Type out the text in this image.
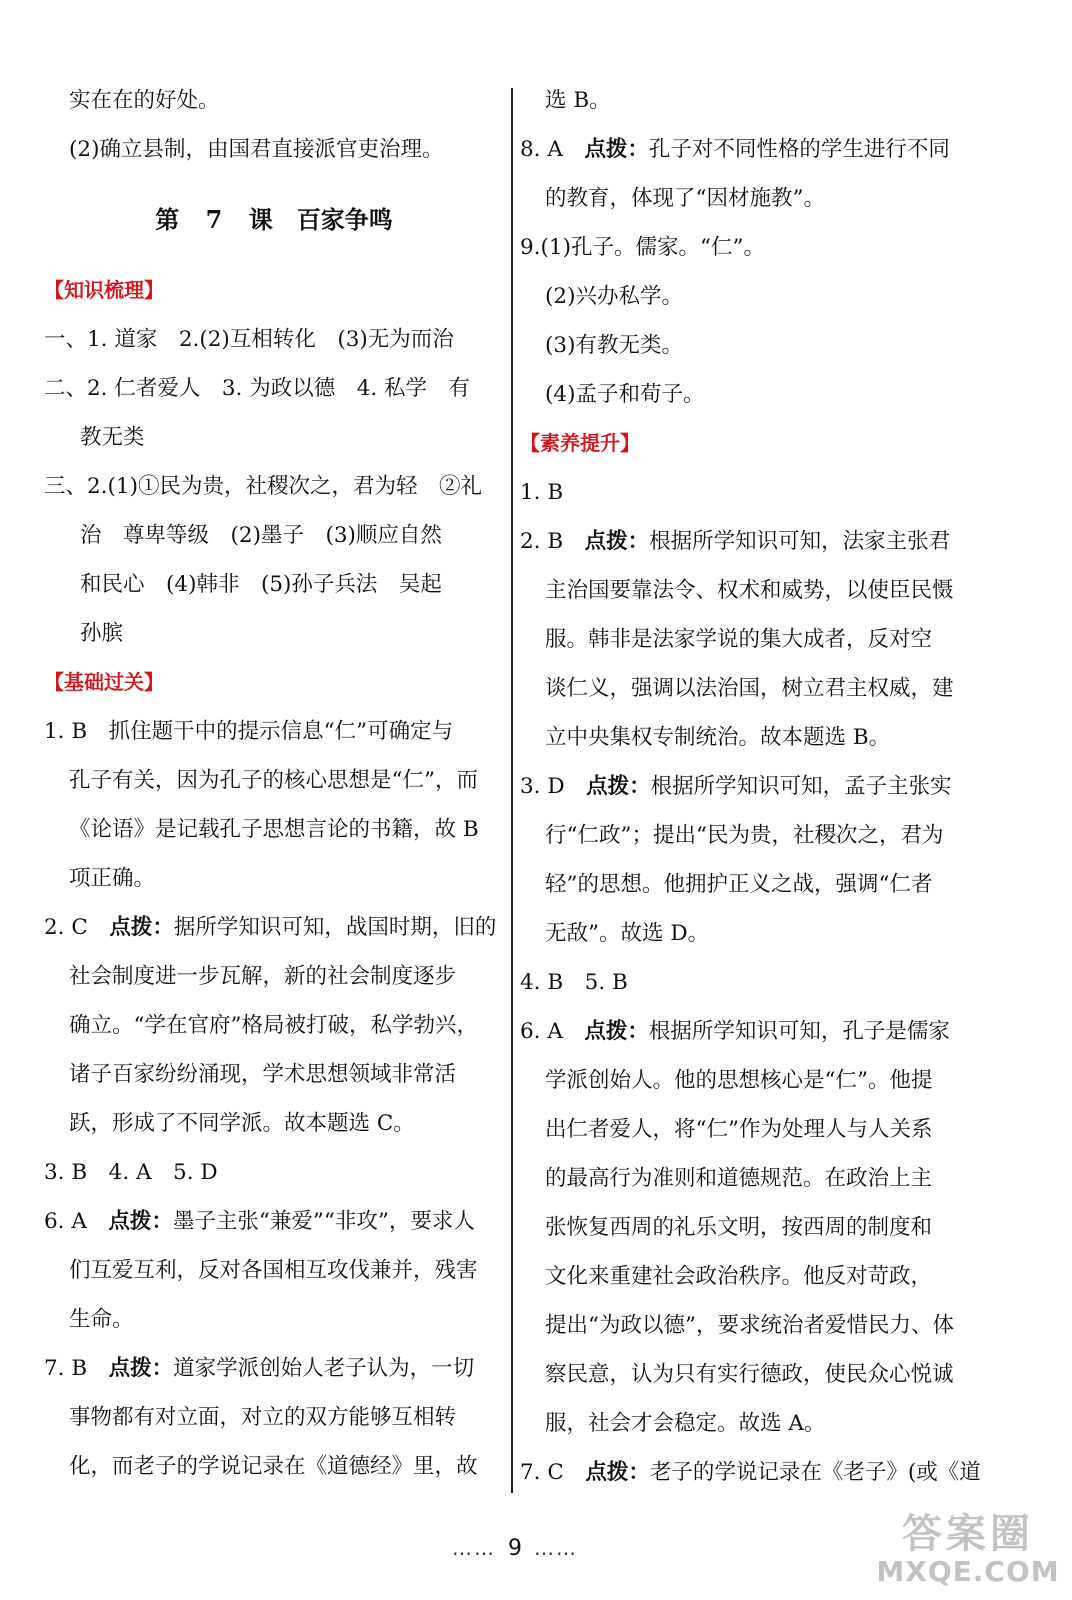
实在在的好处。
(2)确立县制，由国君直接派官吏治理。
第 7 课　百家争鸣
【知识梳理】
一、1. 道家　2.(2)互相转化　(3)无为而治
二、2. 仁者爱人　3. 为政以德　4. 私学　有
教无类
三、2.(1)①民为贵，社稷次之，君为轻　②礼
治　尊卑等级　(2)墨子　(3)顺应自然
和民心　(4)韩非　(5)孙子兵法　吴起
孙膑
【基础过关】
1. B　抓住题干中的提示信息“仁”可确定与
孔子有关，因为孔子的核心思想是“仁”，而
《论语》是记载孔子思想言论的书籍，故 B
项正确。
2. C　点拨：据所学知识可知，战国时期，旧的
社会制度进一步瓦解，新的社会制度逐步
确立。“学在官府”格局被打破，私学勃兴，
诸子百家纷纷涌现，学术思想领域非常活
跃，形成了不同学派。故本题选 C。
3. B　4. A　5. D
6. A　点拨：墨子主张“兼爱”“非攻”，要求人
们互爱互利，反对各国相互攻伐兼并，残害
生命。
7. B　点拨：道家学派创始人老子认为，一切
事物都有对立面，对立的双方能够互相转
化，而老子的学说记录在《道德经》里，故
选 B。
8. A　点拨：孔子对不同性格的学生进行不同
的教育，体现了“因材施教”。
9.(1)孔子。儒家。“仁”。
(2)兴办私学。
(3)有教无类。
(4)孟子和荀子。
【素养提升】
1. B
2. B　点拨：根据所学知识可知，法家主张君
主治国要靠法令、权术和威势，以使臣民慑
服。韩非是法家学说的集大成者，反对空
谈仁义，强调以法治国，树立君主权威，建
立中央集权专制统治。故本题选 B。
3. D　点拨：根据所学知识可知，孟子主张实
行“仁政”；提出“民为贵，社稷次之，君为
轻”的思想。他拥护正义之战，强调“仁者
无敌”。故选 D。
4. B　5. B
6. A　点拨：根据所学知识可知，孔子是儒家
学派创始人。他的思想核心是“仁”。他提
出仁者爱人，将“仁”作为处理人与人关系
的最高行为准则和道德规范。在政治上主
张恢复西周的礼乐文明，按西周的制度和
文化来重建社会政治秩序。他反对苛政，
提出“为政以德”，要求统治者爱惜民力、体
察民意，认为只有实行德政，使民众心悦诚
服，社会才会稳定。故选 A。
7. C　点拨：老子的学说记录在《老子》(或《道
…… 9 ……	答案圈
MXQE.COM
